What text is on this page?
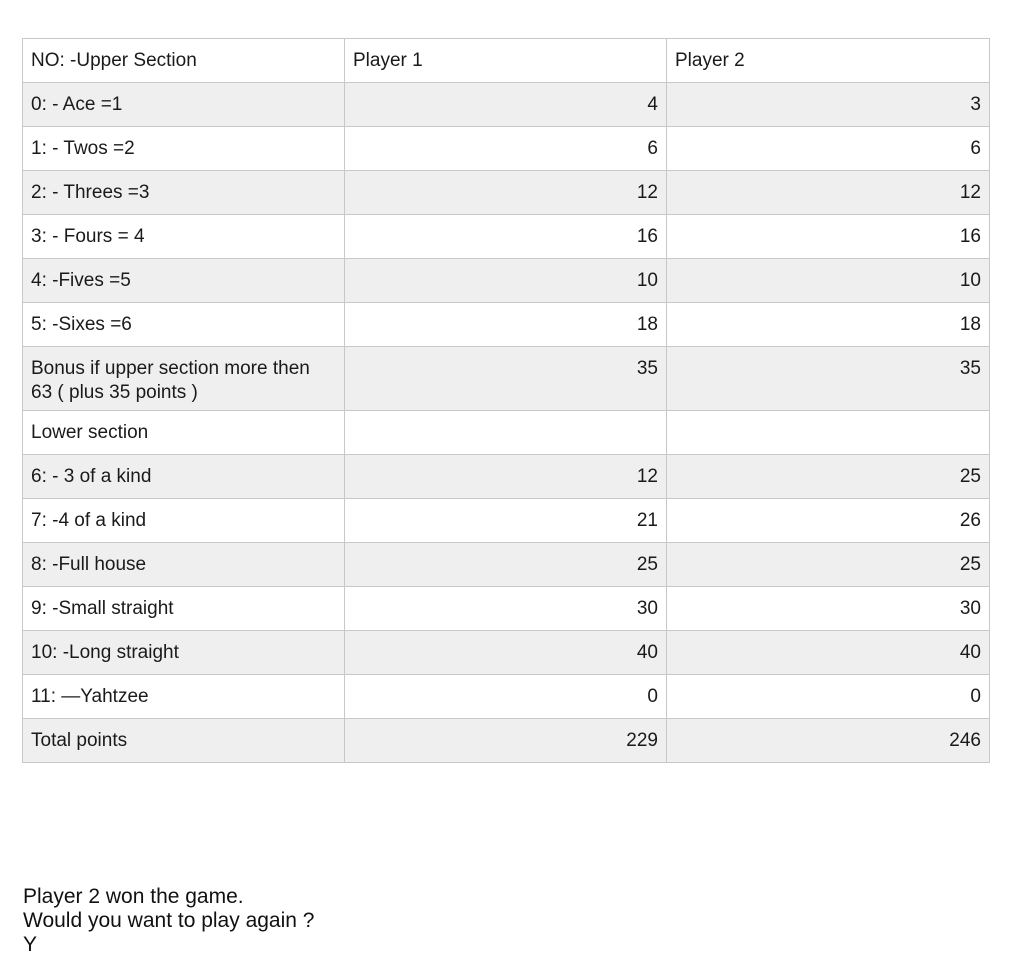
NO: -Upper Section	Player 1	Player 2
0: - Ace =1	4	3
1: - Twos =2	6	6
2: - Threes =3	12	12
3: - Fours = 4	16	16
4: -Fives =5	10	10
5: -Sixes =6	18	18
Bonus if upper section more then 63 ( plus 35 points )	35	35
Lower section		
6: - 3 of a kind	12	25
7: -4 of a kind	21	26
8: -Full house	25	25
9: -Small straight	30	30
10: -Long straight	40	40
11: —Yahtzee	0	0
Total points	229	246
Player 2 won the game.
Would you want to play again ?
Y
